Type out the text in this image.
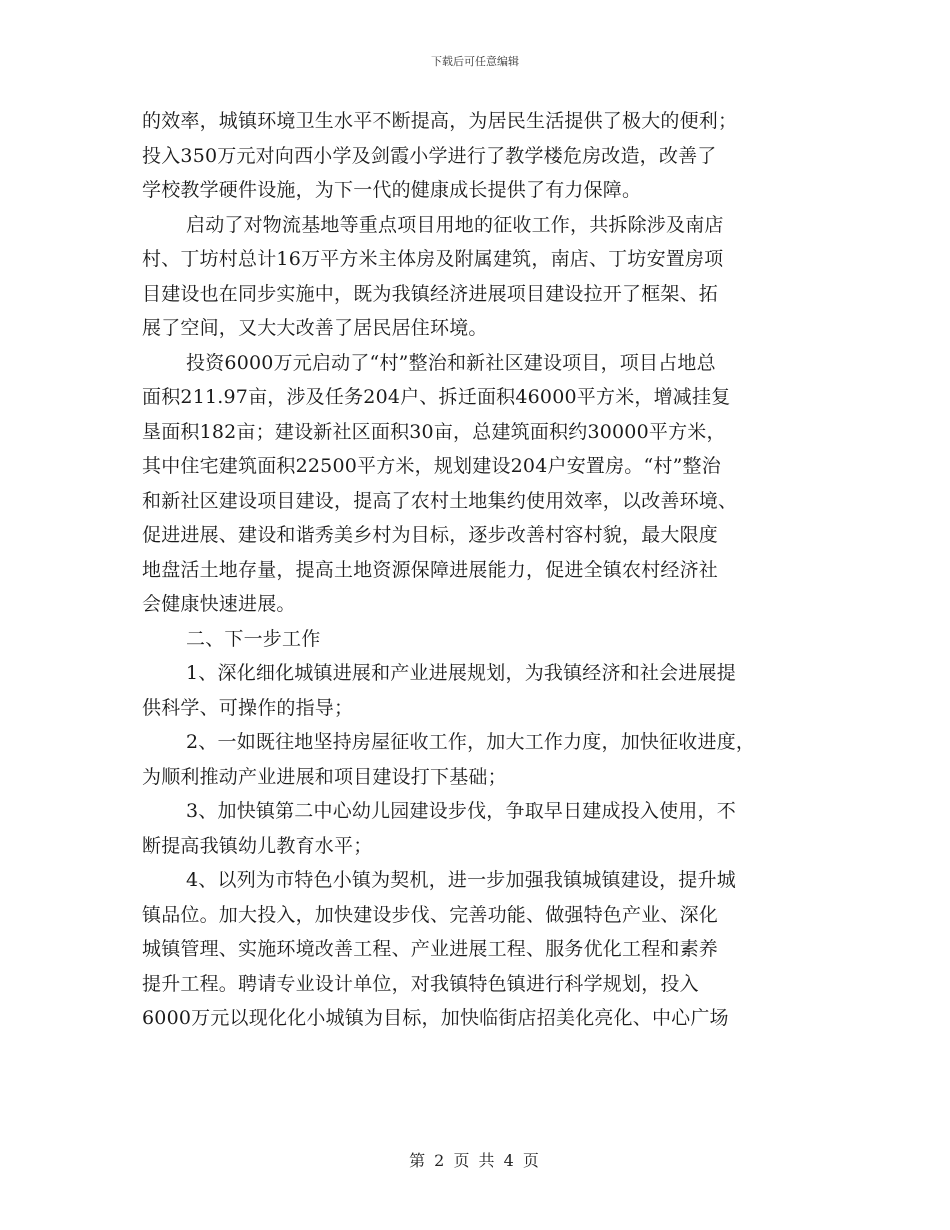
下载后可任意编辑
的效率，城镇环境卫生水平不断提高，为居民生活提供了极大的便利；
投入350万元对向西小学及剑霞小学进行了教学楼危房改造，改善了
学校教学硬件设施，为下一代的健康成长提供了有力保障。
启动了对物流基地等重点项目用地的征收工作，共拆除涉及南店
村、丁坊村总计16万平方米主体房及附属建筑，南店、丁坊安置房项
目建设也在同步实施中，既为我镇经济进展项目建设拉开了框架、拓
展了空间，又大大改善了居民居住环境。
投资6000万元启动了“村”整治和新社区建设项目，项目占地总
面积211.97亩，涉及任务204户、拆迁面积46000平方米，增减挂复
垦面积182亩；建设新社区面积30亩，总建筑面积约30000平方米，
其中住宅建筑面积22500平方米，规划建设204户安置房。“村”整治
和新社区建设项目建设，提高了农村土地集约使用效率，以改善环境、
促进进展、建设和谐秀美乡村为目标，逐步改善村容村貌，最大限度
地盘活土地存量，提高土地资源保障进展能力，促进全镇农村经济社
会健康快速进展。
二、下一步工作
1、深化细化城镇进展和产业进展规划，为我镇经济和社会进展提
供科学、可操作的指导；
2、一如既往地坚持房屋征收工作，加大工作力度，加快征收进度，
为顺利推动产业进展和项目建设打下基础；
3、加快镇第二中心幼儿园建设步伐，争取早日建成投入使用，不
断提高我镇幼儿教育水平；
4、以列为市特色小镇为契机，进一步加强我镇城镇建设，提升城
镇品位。加大投入，加快建设步伐、完善功能、做强特色产业、深化
城镇管理、实施环境改善工程、产业进展工程、服务优化工程和素养
提升工程。聘请专业设计单位，对我镇特色镇进行科学规划，投入
6000万元以现化化小城镇为目标，加快临街店招美化亮化、中心广场
第 2 页 共 4 页
